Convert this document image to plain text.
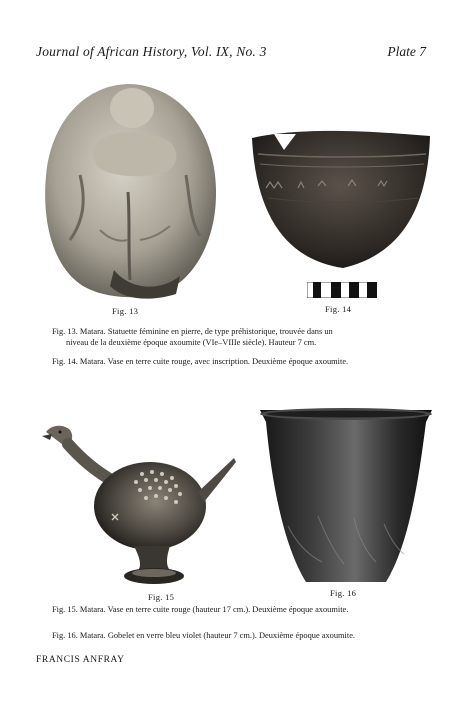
Journal of African History, Vol. IX, No. 3	Plate 7
Fig. 13	Fig. 14
Fig. 13. Matara. Statuette féminine en pierre, de type préhistorique, trouvée dans un
niveau de la deuxième époque axoumite (VIe–VIIIe siècle). Hauteur 7 cm.
Fig. 14. Matara. Vase en terre cuite rouge, avec inscription. Deuxième époque axoumite.
Fig. 15	Fig. 16
Fig. 15. Matara. Vase en terre cuite rouge (hauteur 17 cm.). Deuxième époque axoumite.
Fig. 16. Matara. Gobelet en verre bleu violet (hauteur 7 cm.). Deuxième époque axoumite.
FRANCIS ANFRAY
